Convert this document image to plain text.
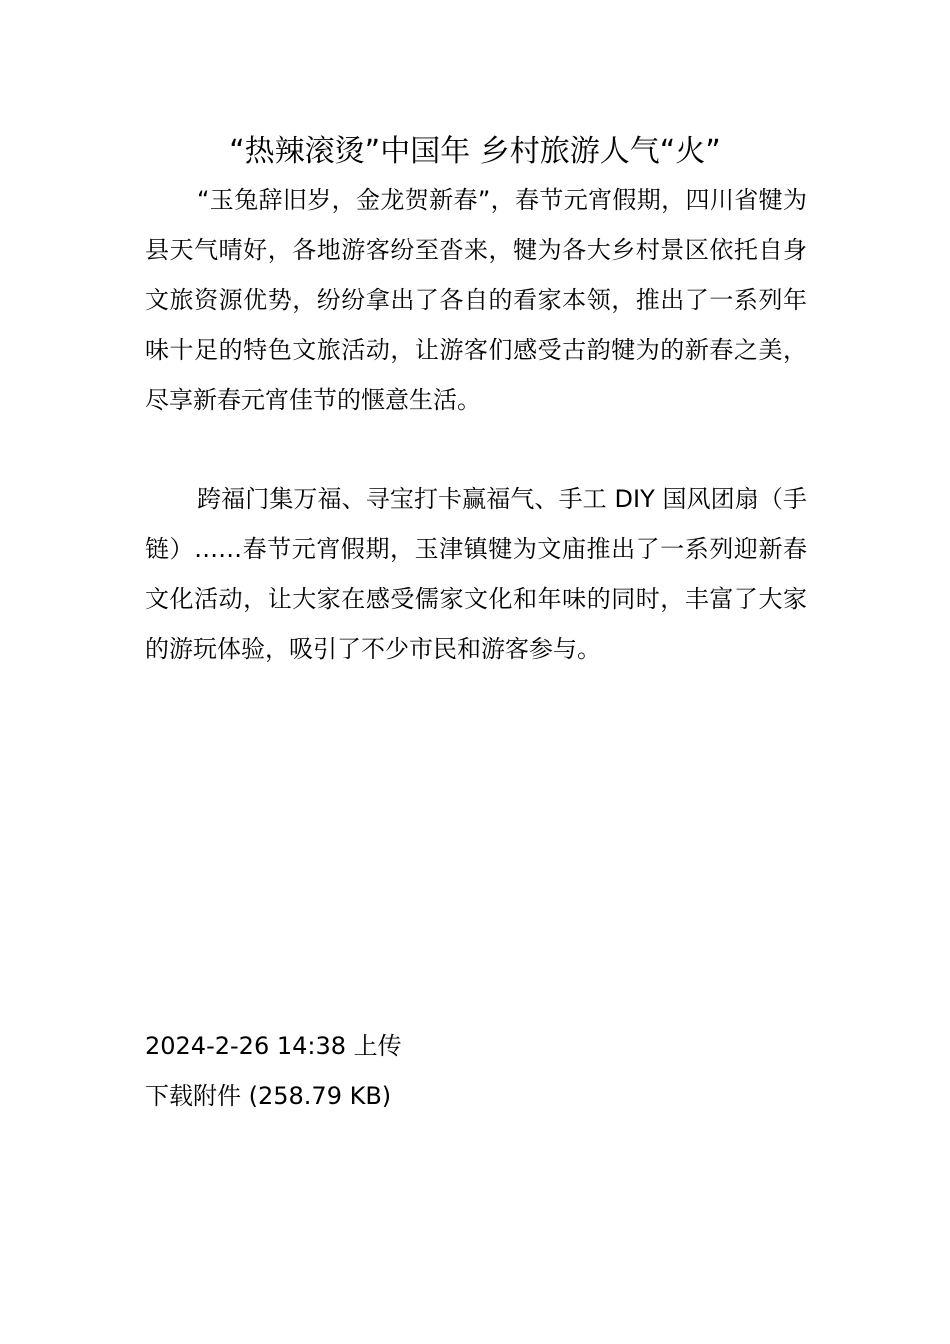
“热辣滚烫”中国年 乡村旅游人气“火”

“玉兔辞旧岁，金龙贺新春”，春节元宵假期，四川省犍为县天气晴好，各地游客纷至沓来，犍为各大乡村景区依托自身文旅资源优势，纷纷拿出了各自的看家本领，推出了一系列年味十足的特色文旅活动，让游客们感受古韵犍为的新春之美，尽享新春元宵佳节的惬意生活。

跨福门集万福、寻宝打卡赢福气、手工 DIY 国风团扇（手链）……春节元宵假期，玉津镇犍为文庙推出了一系列迎新春文化活动，让大家在感受儒家文化和年味的同时，丰富了大家的游玩体验，吸引了不少市民和游客参与。

2024-2-26 14:38 上传

下载附件 (258.79 KB)
